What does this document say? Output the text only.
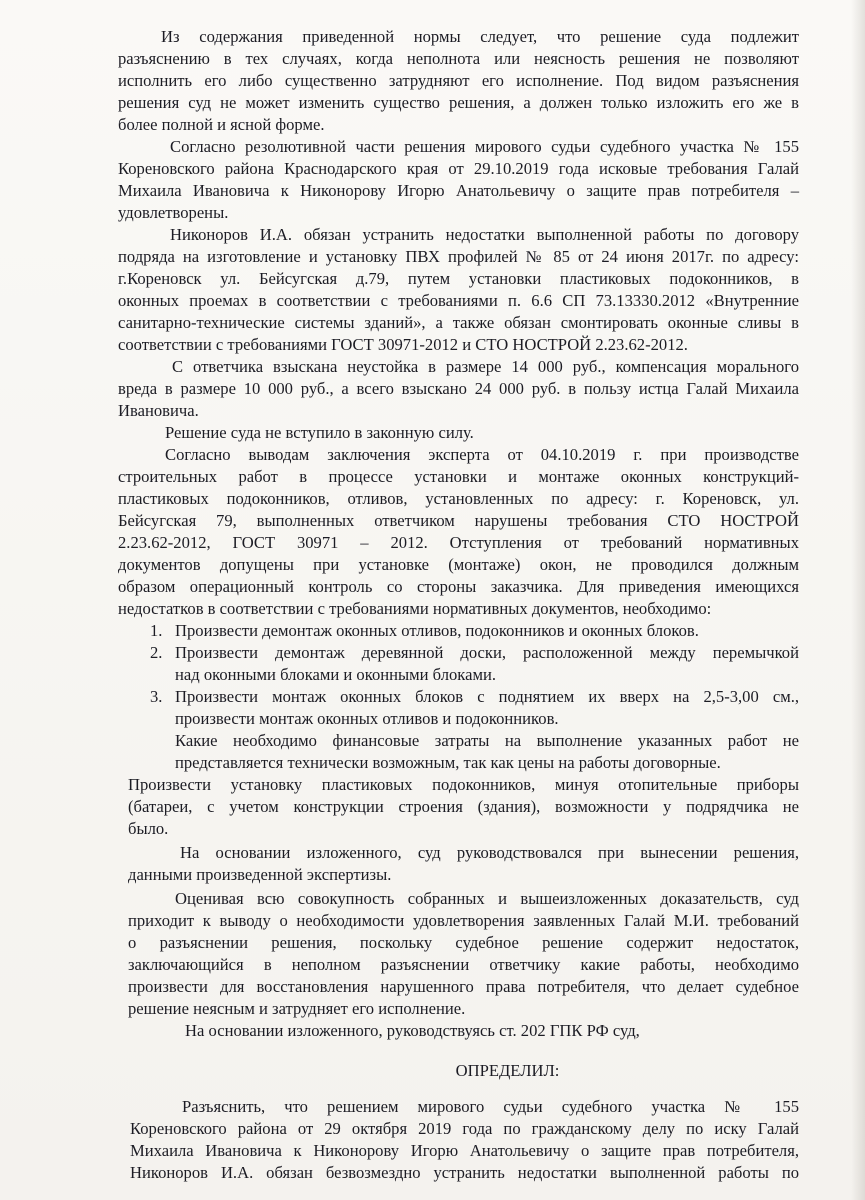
Из содержания приведенной нормы следует, что решение суда подлежит
разъяснению в тех случаях, когда неполнота или неясность решения не позволяют
исполнить его либо существенно затрудняют его исполнение. Под видом разъяснения
решения суд не может изменить существо решения, а должен только изложить его же в
более полной и ясной форме.
Согласно резолютивной части решения мирового судьи судебного участка № 155
Кореновского района Краснодарского края от 29.10.2019 года исковые требования Галай
Михаила Ивановича к Никонорову Игорю Анатольевичу о защите прав потребителя –
удовлетворены.
Никоноров И.А. обязан устранить недостатки выполненной работы по договору
подряда на изготовление и установку ПВХ профилей № 85 от 24 июня 2017г. по адресу:
г.Кореновск ул. Бейсугская д.79, путем установки пластиковых подоконников, в
оконных проемах в соответствии с требованиями п. 6.6 СП 73.13330.2012 «Внутренние
санитарно-технические системы зданий», а также обязан смонтировать оконные сливы в
соответствии с требованиями ГОСТ 30971-2012 и СТО НОСТРОЙ 2.23.62-2012.
С ответчика взыскана неустойка в размере 14 000 руб., компенсация морального
вреда в размере 10 000 руб., а всего взыскано 24 000 руб. в пользу истца Галай Михаила
Ивановича.
Решение суда не вступило в законную силу.
Согласно выводам заключения эксперта от 04.10.2019 г. при производстве
строительных работ в процессе установки и монтаже оконных конструкций-
пластиковых подоконников, отливов, установленных по адресу: г. Кореновск, ул.
Бейсугская 79, выполненных ответчиком нарушены требования СТО НОСТРОЙ
2.23.62-2012, ГОСТ 30971 – 2012. Отступления от требований нормативных
документов допущены при установке (монтаже) окон, не проводился должным
образом операционный контроль со стороны заказчика. Для приведения имеющихся
недостатков в соответствии с требованиями нормативных документов, необходимо:
1. Произвести демонтаж оконных отливов, подоконников и оконных блоков.
2. Произвести демонтаж деревянной доски, расположенной между перемычкой
над оконными блоками и оконными блоками.
3. Произвести монтаж оконных блоков с поднятием их вверх на 2,5-3,00 см.,
произвести монтаж оконных отливов и подоконников.
Какие необходимо финансовые затраты на выполнение указанных работ не
представляется технически возможным, так как цены на работы договорные.
Произвести установку пластиковых подоконников, минуя отопительные приборы
(батареи, с учетом конструкции строения (здания), возможности у подрядчика не
было.
На основании изложенного, суд руководствовался при вынесении решения,
данными произведенной экспертизы.
Оценивая всю совокупность собранных и вышеизложенных доказательств, суд
приходит к выводу о необходимости удовлетворения заявленных Галай М.И. требований
о разъяснении решения, поскольку судебное решение содержит недостаток,
заключающийся в неполном разъяснении ответчику какие работы, необходимо
произвести для восстановления нарушенного права потребителя, что делает судебное
решение неясным и затрудняет его исполнение.
На основании изложенного, руководствуясь ст. 202 ГПК РФ суд,
ОПРЕДЕЛИЛ:
Разъяснить, что решением мирового судьи судебного участка № 155
Кореновского района от 29 октября 2019 года по гражданскому делу по иску Галай
Михаила Ивановича к Никонорову Игорю Анатольевичу о защите прав потребителя,
Никоноров И.А. обязан безвозмездно устранить недостатки выполненной работы по
